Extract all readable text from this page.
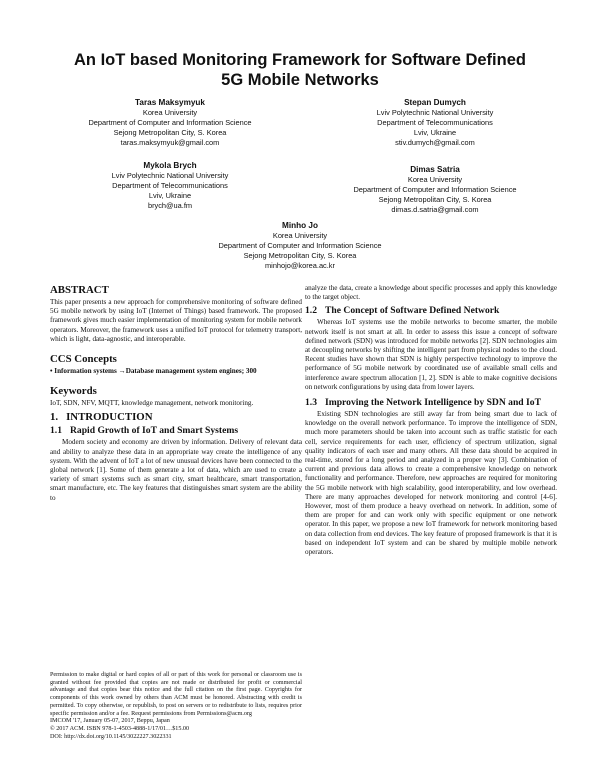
An IoT based Monitoring Framework for Software Defined
5G Mobile Networks
Taras Maksymyuk
Korea University
Department of Computer and Information Science
Sejong Metropolitan City, S. Korea
taras.maksymyuk@gmail.com
Stepan Dumych
Lviv Polytechnic National University
Department of Telecommunications
Lviv, Ukraine
stiv.dumych@gmail.com
Mykola Brych
Lviv Polytechnic National University
Department of Telecommunications
Lviv, Ukraine
brych@ua.fm
Dimas Satria
Korea University
Department of Computer and Information Science
Sejong Metropolitan City, S. Korea
dimas.d.satria@gmail.com
Minho Jo
Korea University
Department of Computer and Information Science
Sejong Metropolitan City, S. Korea
minhojo@korea.ac.kr
ABSTRACT

This paper presents a new approach for comprehensive monitoring of software defined 5G mobile network by using IoT (Internet of Things) based framework. The proposed framework gives much easier implementation of monitoring system for mobile network operators. Moreover, the framework uses a unified IoT protocol for telemetry transport, which is light, data-agnostic, and interoperable.

CCS Concepts

• Information systems →Database management system engines; 300

Keywords

IoT, SDN, NFV, MQTT, knowledge management, network monitoring.

1. INTRODUCTION
1.1 Rapid Growth of IoT and Smart Systems

Modern society and economy are driven by information. Delivery of relevant data and ability to analyze these data in an appropriate way create the intelligence of any system. With the advent of IoT a lot of new unusual devices have been connected to the global network [1]. Some of them generate a lot of data, which are used to create a variety of smart systems such as smart city, smart healthcare, smart transportation, smart manufacture, etc. The key features that distinguishes smart system are the ability to

Permission to make digital or hard copies of all or part of this work for personal or classroom use is granted without fee provided that copies are not made or distributed for profit or commercial advantage and that copies bear this notice and the full citation on the first page. Copyrights for components of this work owned by others than ACM must be honored. Abstracting with credit is permitted. To copy otherwise, or republish, to post on servers or to redistribute to lists, requires prior specific permission and/or a fee. Request permissions from Permissions@acm.org

IMCOM '17, January 05-07, 2017, Beppu, Japan

© 2017 ACM. ISBN 978-1-4503-4888-1/17/01…$15.00

DOI: http://dx.doi.org/10.1145/3022227.3022331

analyze the data, create a knowledge about specific processes and apply this knowledge to the target object.

1.2 The Concept of Software Defined Network

Whereas IoT systems use the mobile networks to become smarter, the mobile network itself is not smart at all. In order to assess this issue a concept of software defined network (SDN) was introduced for mobile networks [2]. SDN technologies aim at decoupling networks by shifting the intelligent part from physical nodes to the cloud. Recent studies have shown that SDN is highly perspective technology to improve the performance of 5G mobile network by coordinated use of available small cells and interference aware spectrum allocation [1, 2]. SDN is able to make cognitive decisions on network configurations by using data from lower layers.

1.3 Improving the Network Intelligence by SDN and IoT

Existing SDN technologies are still away far from being smart due to lack of knowledge on the overall network performance. To improve the intelligence of SDN, much more parameters should be taken into account such as traffic statistic for each cell, service requirements for each user, efficiency of spectrum utilization, signal quality indicators of each user and many others. All these data should be acquired in real-time, stored for a long period and analyzed in a proper way [3]. Combination of current and previous data allows to create a comprehensive knowledge on network functionality and performance. Therefore, new approaches are required for monitoring the 5G mobile network with high scalability, good interoperability, and low overhead. There are many approaches developed for network monitoring and control [4-6]. However, most of them produce a heavy overhead on network. In addition, some of them are proper for and can work only with specific equipment or one network operator. In this paper, we propose a new IoT framework for network monitoring based on data collection from end devices. The key feature of proposed framework is that it is based on independent IoT system and can be shared by multiple mobile network operators.
